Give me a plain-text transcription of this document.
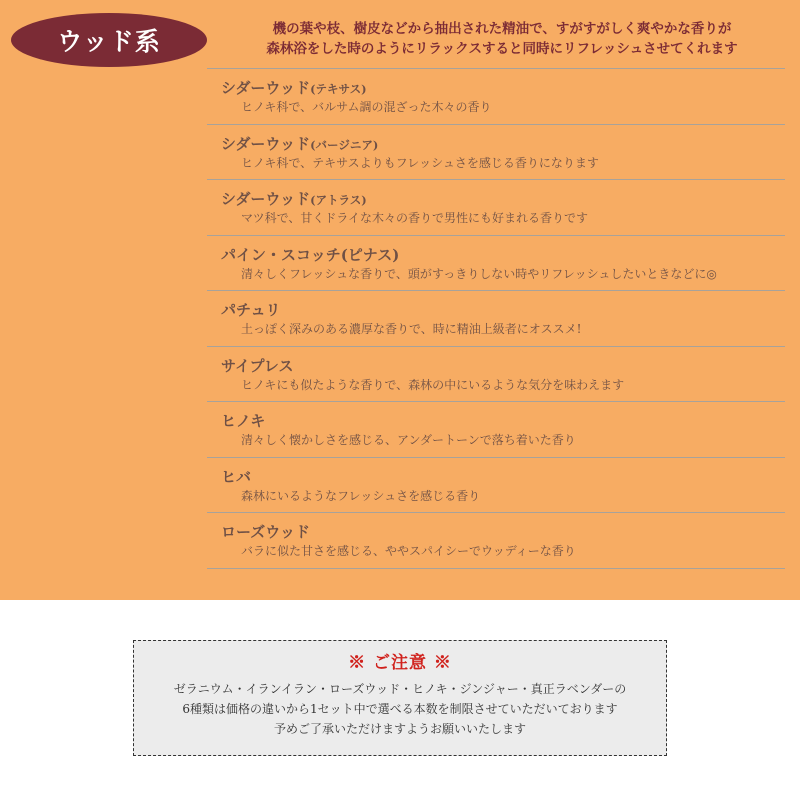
ウッド系	機の葉や枝、樹皮などから抽出された精油で、すがすがしく爽やかな香りが
森林浴をした時のようにリラックスすると同時にリフレッシュさせてくれます
シダーウッド(テキサス)
ヒノキ科で、バルサム調の混ざった木々の香り
シダーウッド(バージニア)
ヒノキ科で、テキサスよりもフレッシュさを感じる香りになります
シダーウッド(アトラス)
マツ科で、甘くドライな木々の香りで男性にも好まれる香りです
パイン・スコッチ(ピナス)
清々しくフレッシュな香りで、頭がすっきりしない時やリフレッシュしたいときなどに◎
パチュリ
土っぽく深みのある濃厚な香りで、時に精油上級者にオススメ!
サイプレス
ヒノキにも似たような香りで、森林の中にいるような気分を味わえます
ヒノキ
清々しく懐かしさを感じる、アンダートーンで落ち着いた香り
ヒバ
森林にいるようなフレッシュさを感じる香り
ローズウッド
バラに似た甘さを感じる、ややスパイシーでウッディーな香り
※ ご注意 ※
ゼラニウム・イランイラン・ローズウッド・ヒノキ・ジンジャー・真正ラベンダーの
6種類は価格の違いから1セット中で選べる本数を制限させていただいております
予めご了承いただけますようお願いいたします
